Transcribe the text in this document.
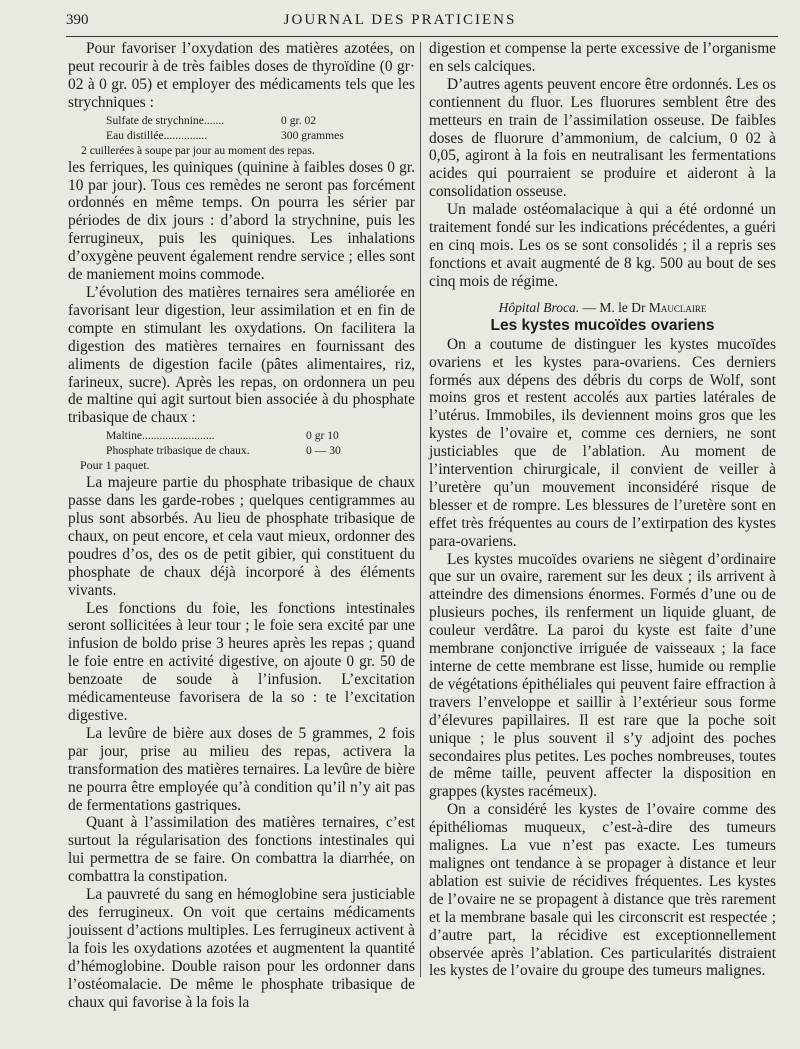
390	JOURNAL DES PRATICIENS

Pour favoriser l’oxydation des matières azotées, on peut recourir à de très faibles doses de thyroïdine (0 gr· 02 à 0 gr. 05) et employer des médicaments tels que les strychniques :

Sulfate de strychnine.......	0 gr. 02
Eau distillée...............	300 grammes
2 cuillerées à soupe par jour au moment des repas.

les ferriques, les quiniques (quinine à faibles doses 0 gr. 10 par jour). Tous ces remèdes ne seront pas forcément ordonnés en même temps. On pourra les sérier par périodes de dix jours : d’abord la strychnine, puis les ferrugineux, puis les quiniques. Les inhalations d’oxygène peuvent également rendre service ; elles sont de maniement moins commode.

L’évolution des matières ternaires sera améliorée en favorisant leur digestion, leur assimilation et en fin de compte en stimulant les oxydations. On facilitera la digestion des matières ternaires en fournissant des aliments de digestion facile (pâtes alimentaires, riz, farineux, sucre). Après les repas, on ordonnera un peu de maltine qui agit surtout bien associée à du phosphate tribasique de chaux :

Maltine.........................	0 gr 10
Phosphate tribasique de chaux.	0 — 30
Pour 1 paquet.

La majeure partie du phosphate tribasique de chaux passe dans les garde-robes ; quelques centigrammes au plus sont absorbés. Au lieu de phosphate tribasique de chaux, on peut encore, et cela vaut mieux, ordonner des poudres d’os, des os de petit gibier, qui constituent du phosphate de chaux déjà incorporé à des éléments vivants.

Les fonctions du foie, les fonctions intestinales seront sollicitées à leur tour ; le foie sera excité par une infusion de boldo prise 3 heures après les repas ; quand le foie entre en activité digestive, on ajoute 0 gr. 50 de benzoate de soude à l’infusion. L’excitation médicamenteuse favorisera de la so : te l’excitation digestive.

La levûre de bière aux doses de 5 grammes, 2 fois par jour, prise au milieu des repas, activera la transformation des matières ternaires. La levûre de bière ne pourra être employée qu’à condition qu’il n’y ait pas de fermentations gastriques.

Quant à l’assimilation des matières ternaires, c’est surtout la régularisation des fonctions intestinales qui lui permettra de se faire. On combattra la diarrhée, on combattra la constipation.

La pauvreté du sang en hémoglobine sera justiciable des ferrugineux. On voit que certains médicaments jouissent d’actions multiples. Les ferrugineux activent à la fois les oxydations azotées et augmentent la quantité d’hémoglobine. Double raison pour les ordonner dans l’ostéomalacie. De même le phosphate tribasique de chaux qui favorise à la fois la

digestion et compense la perte excessive de l’organisme en sels calciques.

D’autres agents peuvent encore être ordonnés. Les os contiennent du fluor. Les fluorures semblent être des metteurs en train de l’assimilation osseuse. De faibles doses de fluorure d’ammonium, de calcium, 0 02 à 0,05, agiront à la fois en neutralisant les fermentations acides qui pourraient se produire et aideront à la consolidation osseuse.

Un malade ostéomalacique à qui a été ordonné un traitement fondé sur les indications précédentes, a guéri en cinq mois. Les os se sont consolidés ; il a repris ses fonctions et avait augmenté de 8 kg. 500 au bout de ses cinq mois de régime.

Hôpital Broca. — M. le Dr Mauclaire
Les kystes mucoïdes ovariens

On a coutume de distinguer les kystes mucoïdes ovariens et les kystes para-ovariens. Ces derniers formés aux dépens des débris du corps de Wolf, sont moins gros et restent accolés aux parties latérales de l’utérus. Immobiles, ils deviennent moins gros que les kystes de l’ovaire et, comme ces derniers, ne sont justiciables que de l’ablation. Au moment de l’intervention chirurgicale, il convient de veiller à l’uretère qu’un mouvement inconsidéré risque de blesser et de rompre. Les blessures de l’uretère sont en effet très fréquentes au cours de l’extirpation des kystes para-ovariens.

Les kystes mucoïdes ovariens ne siègent d’ordinaire que sur un ovaire, rarement sur les deux ; ils arrivent à atteindre des dimensions énormes. Formés d’une ou de plusieurs poches, ils renferment un liquide gluant, de couleur verdâtre. La paroi du kyste est faite d’une membrane conjonctive irriguée de vaisseaux ; la face interne de cette membrane est lisse, humide ou remplie de végétations épithéliales qui peuvent faire effraction à travers l’enveloppe et saillir à l’extérieur sous forme d’élevures papillaires. Il est rare que la poche soit unique ; le plus souvent il s’y adjoint des poches secondaires plus petites. Les poches nombreuses, toutes de même taille, peuvent affecter la disposition en grappes (kystes racémeux).

On a considéré les kystes de l’ovaire comme des épithéliomas muqueux, c’est-à-dire des tumeurs malignes. La vue n’est pas exacte. Les tumeurs malignes ont tendance à se propager à distance et leur ablation est suivie de récidives fréquentes. Les kystes de l’ovaire ne se propagent à distance que très rarement et la membrane basale qui les circonscrit est respectée ; d’autre part, la récidive est exceptionnellement observée après l’ablation. Ces particularités distraient les kystes de l’ovaire du groupe des tumeurs malignes.
